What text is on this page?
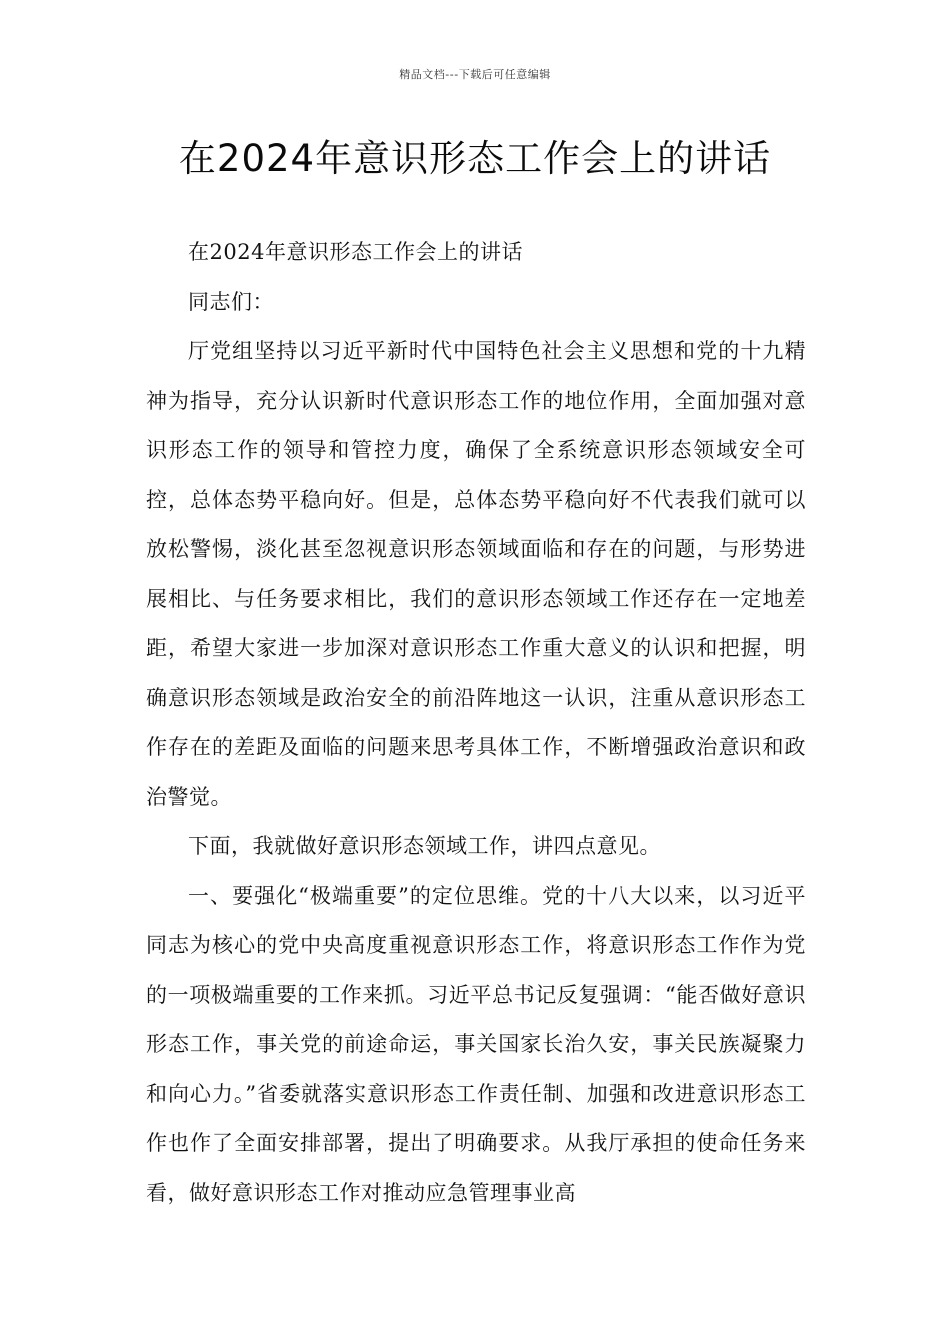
精品文档---下载后可任意编辑
在2024年意识形态工作会上的讲话

在2024年意识形态工作会上的讲话

同志们：

厅党组坚持以习近平新时代中国特色社会主义思想和党的十九精神为指导，充分认识新时代意识形态工作的地位作用，全面加强对意识形态工作的领导和管控力度，确保了全系统意识形态领域安全可控，总体态势平稳向好。但是，总体态势平稳向好不代表我们就可以放松警惕，淡化甚至忽视意识形态领域面临和存在的问题，与形势进展相比、与任务要求相比，我们的意识形态领域工作还存在一定地差距，希望大家进一步加深对意识形态工作重大意义的认识和把握，明确意识形态领域是政治安全的前沿阵地这一认识，注重从意识形态工作存在的差距及面临的问题来思考具体工作，不断增强政治意识和政治警觉。

下面，我就做好意识形态领域工作，讲四点意见。

一、要强化“极端重要”的定位思维。党的十八大以来，以习近平同志为核心的党中央高度重视意识形态工作，将意识形态工作作为党的一项极端重要的工作来抓。习近平总书记反复强调：“能否做好意识形态工作，事关党的前途命运，事关国家长治久安，事关民族凝聚力和向心力。”省委就落实意识形态工作责任制、加强和改进意识形态工作也作了全面安排部署，提出了明确要求。从我厅承担的使命任务来看，做好意识形态工作对推动应急管理事业高
